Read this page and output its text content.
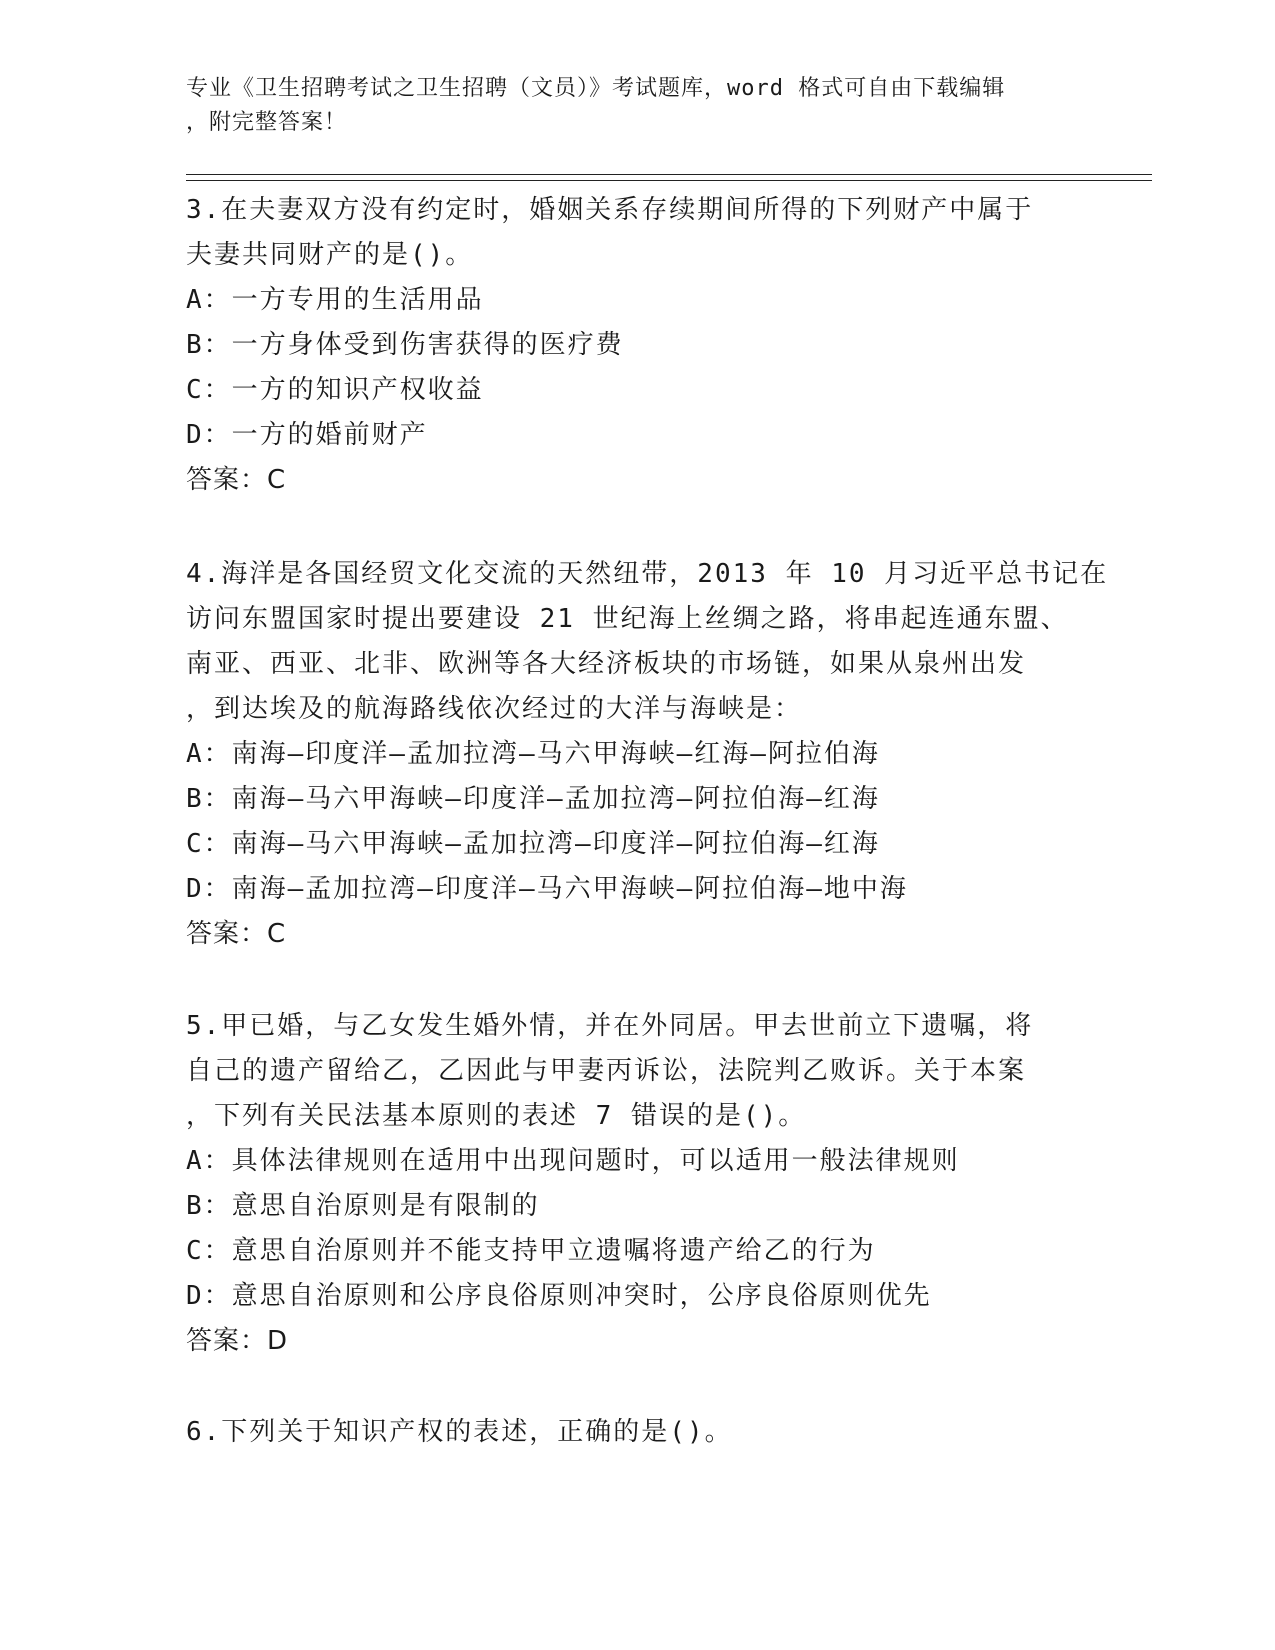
专业《卫生招聘考试之卫生招聘（文员）》考试题库，word 格式可自由下载编辑
，附完整答案！
3.在夫妻双方没有约定时，婚姻关系存续期间所得的下列财产中属于
夫妻共同财产的是()。
A：一方专用的生活用品
B：一方身体受到伤害获得的医疗费
C：一方的知识产权收益
D：一方的婚前财产
答案：C
4.海洋是各国经贸文化交流的天然纽带，2013 年 10 月习近平总书记在
访问东盟国家时提出要建设 21 世纪海上丝绸之路，将串起连通东盟、
南亚、西亚、北非、欧洲等各大经济板块的市场链，如果从泉州出发
，到达埃及的航海路线依次经过的大洋与海峡是：
A：南海—印度洋—孟加拉湾—马六甲海峡—红海—阿拉伯海
B：南海—马六甲海峡—印度洋—孟加拉湾—阿拉伯海—红海
C：南海—马六甲海峡—孟加拉湾—印度洋—阿拉伯海—红海
D：南海—孟加拉湾—印度洋—马六甲海峡—阿拉伯海—地中海
答案：C
5.甲已婚，与乙女发生婚外情，并在外同居。甲去世前立下遗嘱，将
自己的遗产留给乙，乙因此与甲妻丙诉讼，法院判乙败诉。关于本案
，下列有关民法基本原则的表述 7 错误的是()。
A：具体法律规则在适用中出现问题时，可以适用一般法律规则
B：意思自治原则是有限制的
C：意思自治原则并不能支持甲立遗嘱将遗产给乙的行为
D：意思自治原则和公序良俗原则冲突时，公序良俗原则优先
答案：D
6.下列关于知识产权的表述，正确的是()。
